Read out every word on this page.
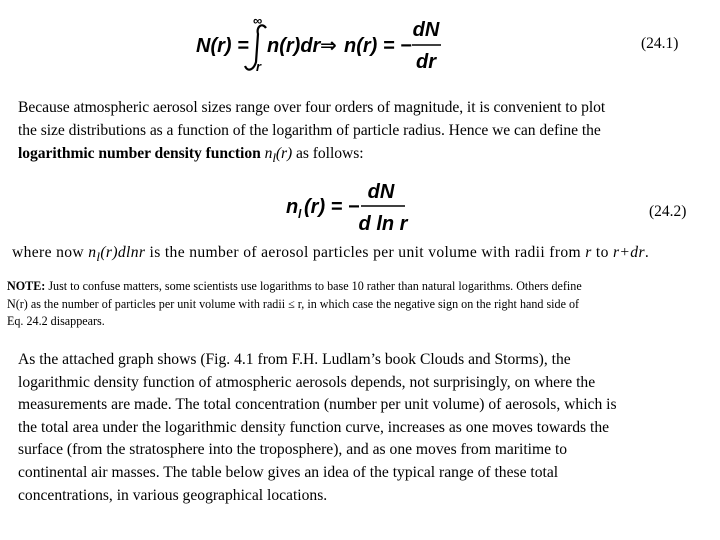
N(r) =
∞
r
n(r)dr ⇒ n(r) = −
dN
dr
(24.1)
Because atmospheric aerosol sizes range over four orders of magnitude, it is convenient to plot
the size distributions as a function of the logarithm of particle radius. Hence we can define the
logarithmic number density function $n_l(r)$ as follows:
n l (r) = −
dN
d ln r
(24.2)
where now $n_l(r)dlnr$ is the number of aerosol particles per unit volume with radii from r to r+dr.
NOTE: Just to confuse matters, some scientists use logarithms to base 10 rather than natural logarithms. Others define
N(r) as the number of particles per unit volume with radii ≤ r, in which case the negative sign on the right hand side of
Eq. 24.2 disappears.
As the attached graph shows (Fig. 4.1 from F.H. Ludlam’s book Clouds and Storms), the
logarithmic density function of atmospheric aerosols depends, not surprisingly, on where the
measurements are made. The total concentration (number per unit volume) of aerosols, which is
the total area under the logarithmic density function curve, increases as one moves towards the
surface (from the stratosphere into the troposphere), and as one moves from maritime to
continental air masses. The table below gives an idea of the typical range of these total
concentrations, in various geographical locations.
